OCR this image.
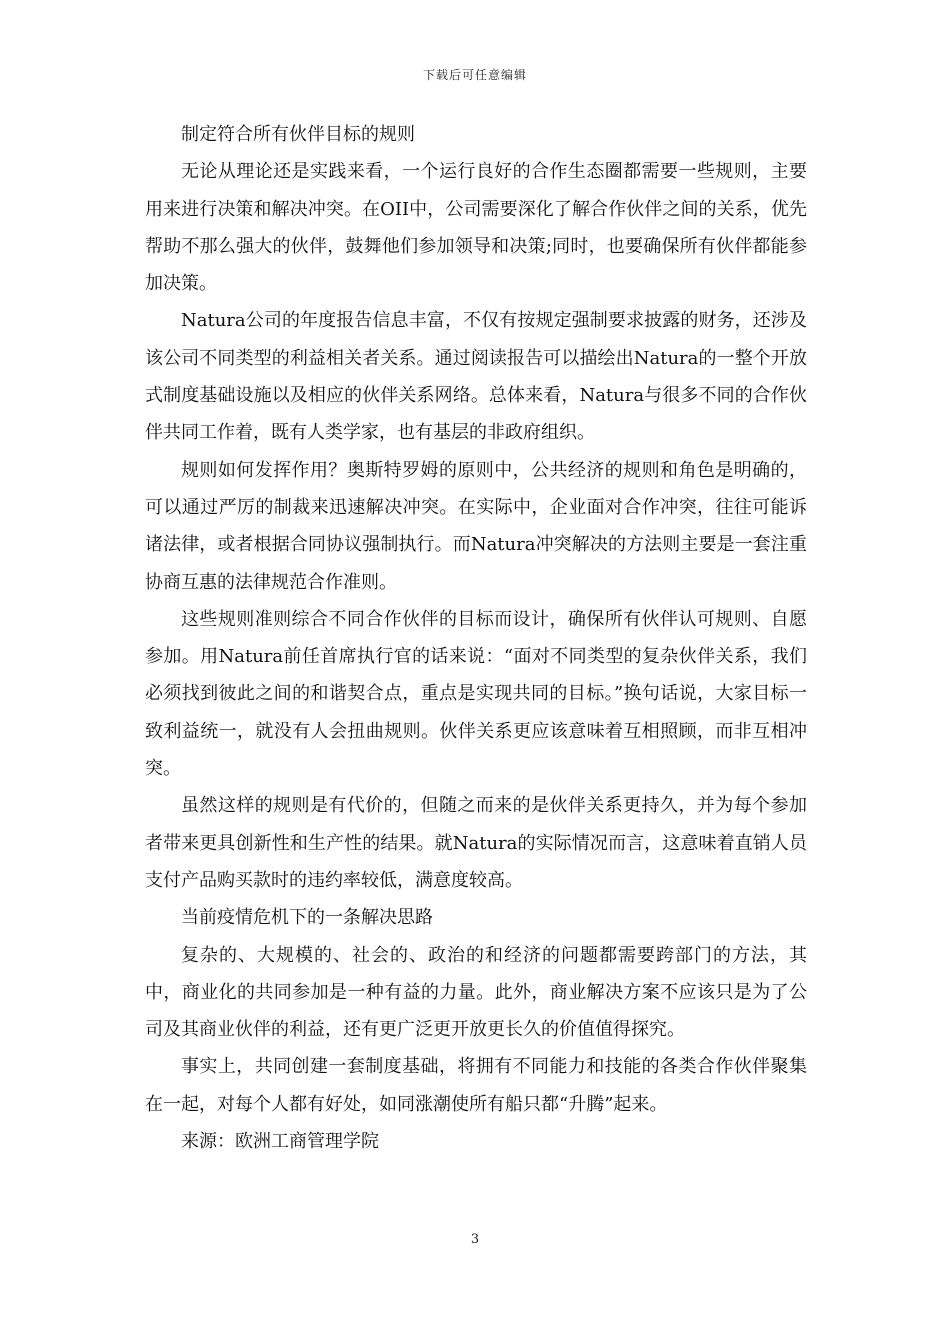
下载后可任意编辑

制定符合所有伙伴目标的规则

无论从理论还是实践来看，一个运行良好的合作生态圈都需要一些规则，主要用来进行决策和解决冲突。在OII中，公司需要深化了解合作伙伴之间的关系，优先帮助不那么强大的伙伴，鼓舞他们参加领导和决策;同时，也要确保所有伙伴都能参加决策。

Natura公司的年度报告信息丰富，不仅有按规定强制要求披露的财务，还涉及该公司不同类型的利益相关者关系。通过阅读报告可以描绘出Natura的一整个开放式制度基础设施以及相应的伙伴关系网络。总体来看，Natura与很多不同的合作伙伴共同工作着，既有人类学家，也有基层的非政府组织。

规则如何发挥作用？奥斯特罗姆的原则中，公共经济的规则和角色是明确的，可以通过严厉的制裁来迅速解决冲突。在实际中，企业面对合作冲突，往往可能诉诸法律，或者根据合同协议强制执行。而Natura冲突解决的方法则主要是一套注重协商互惠的法律规范合作准则。

这些规则准则综合不同合作伙伴的目标而设计，确保所有伙伴认可规则、自愿参加。用Natura前任首席执行官的话来说：“面对不同类型的复杂伙伴关系，我们必须找到彼此之间的和谐契合点，重点是实现共同的目标。”换句话说，大家目标一致利益统一，就没有人会扭曲规则。伙伴关系更应该意味着互相照顾，而非互相冲突。

虽然这样的规则是有代价的，但随之而来的是伙伴关系更持久，并为每个参加者带来更具创新性和生产性的结果。就Natura的实际情况而言，这意味着直销人员支付产品购买款时的违约率较低，满意度较高。

当前疫情危机下的一条解决思路

复杂的、大规模的、社会的、政治的和经济的问题都需要跨部门的方法，其中，商业化的共同参加是一种有益的力量。此外，商业解决方案不应该只是为了公司及其商业伙伴的利益，还有更广泛更开放更长久的价值值得探究。

事实上，共同创建一套制度基础，将拥有不同能力和技能的各类合作伙伴聚集在一起，对每个人都有好处，如同涨潮使所有船只都“升腾”起来。

来源：欧洲工商管理学院

3
